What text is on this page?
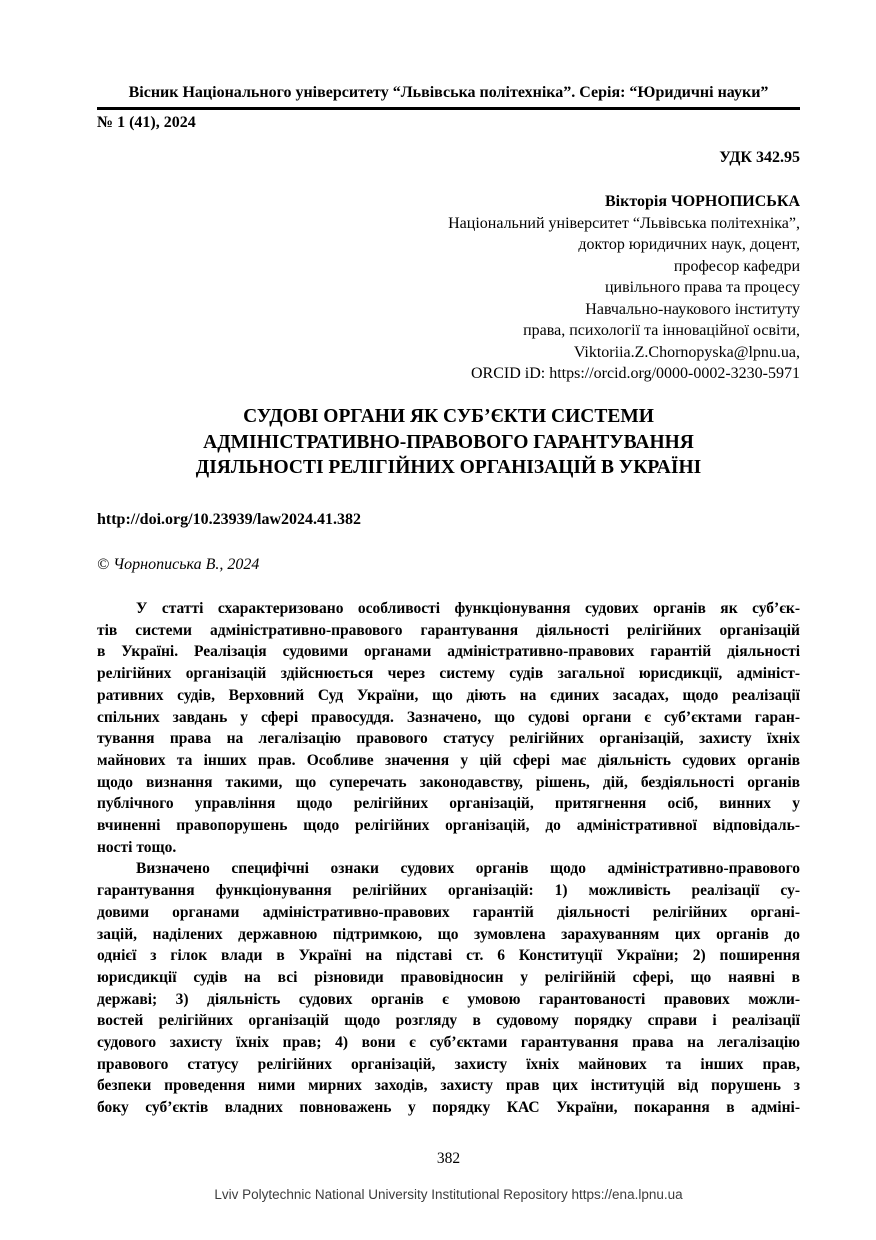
Вісник Національного університету “Львівська політехніка”. Серія: “Юридичні науки”
№ 1 (41), 2024
УДК 342.95
Вікторія ЧОРНОПИСЬКА
Національний університет “Львівська політехніка”,
доктор юридичних наук, доцент,
професор кафедри
цивільного права та процесу
Навчально-наукового інституту
права, психології та інноваційної освіти,
Viktoriia.Z.Chornopyska@lpnu.ua,
ORCID iD: https://orcid.org/0000-0002-3230-5971
СУДОВІ ОРГАНИ ЯК СУБ’ЄКТИ СИСТЕМИ
АДМІНІСТРАТИВНО-ПРАВОВОГО ГАРАНТУВАННЯ
ДІЯЛЬНОСТІ РЕЛІГІЙНИХ ОРГАНІЗАЦІЙ В УКРАЇНІ
http://doi.org/10.23939/law2024.41.382
© Чорнописька В., 2024
У статті схарактеризовано особливості функціонування судових органів як суб’єк-
тів системи адміністративно-правового гарантування діяльності релігійних організацій
в Україні. Реалізація судовими органами адміністративно-правових гарантій діяльності
релігійних організацій здійснюється через систему судів загальної юрисдикції, адмініст-
ративних судів, Верховний Суд України, що діють на єдиних засадах, щодо реалізації
спільних завдань у сфері правосуддя. Зазначено, що судові органи є суб’єктами гаран-
тування права на легалізацію правового статусу релігійних організацій, захисту їхніх
майнових та інших прав. Особливе значення у цій сфері має діяльність судових органів
щодо визнання такими, що суперечать законодавству, рішень, дій, бездіяльності органів
публічного управління щодо релігійних організацій, притягнення осіб, винних у
вчиненні правопорушень щодо релігійних організацій, до адміністративної відповідаль-
ності тощо.
Визначено специфічні ознаки судових органів щодо адміністративно-правового
гарантування функціонування релігійних організацій: 1) можливість реалізації су-
довими органами адміністративно-правових гарантій діяльності релігійних органі-
зацій, наділених державною підтримкою, що зумовлена зарахуванням цих органів до
однієї з гілок влади в Україні на підставі ст. 6 Конституції України; 2) поширення
юрисдикції судів на всі різновиди правовідносин у релігійній сфері, що наявні в
державі; 3) діяльність судових органів є умовою гарантованості правових можли-
востей релігійних організацій щодо розгляду в судовому порядку справи і реалізації
судового захисту їхніх прав; 4) вони є суб’єктами гарантування права на легалізацію
правового статусу релігійних організацій, захисту їхніх майнових та інших прав,
безпеки проведення ними мирних заходів, захисту прав цих інституцій від порушень з
боку суб’єктів владних повноважень у порядку КАС України, покарання в адміні-
382
Lviv Polytechnic National University Institutional Repository https://ena.lpnu.ua
